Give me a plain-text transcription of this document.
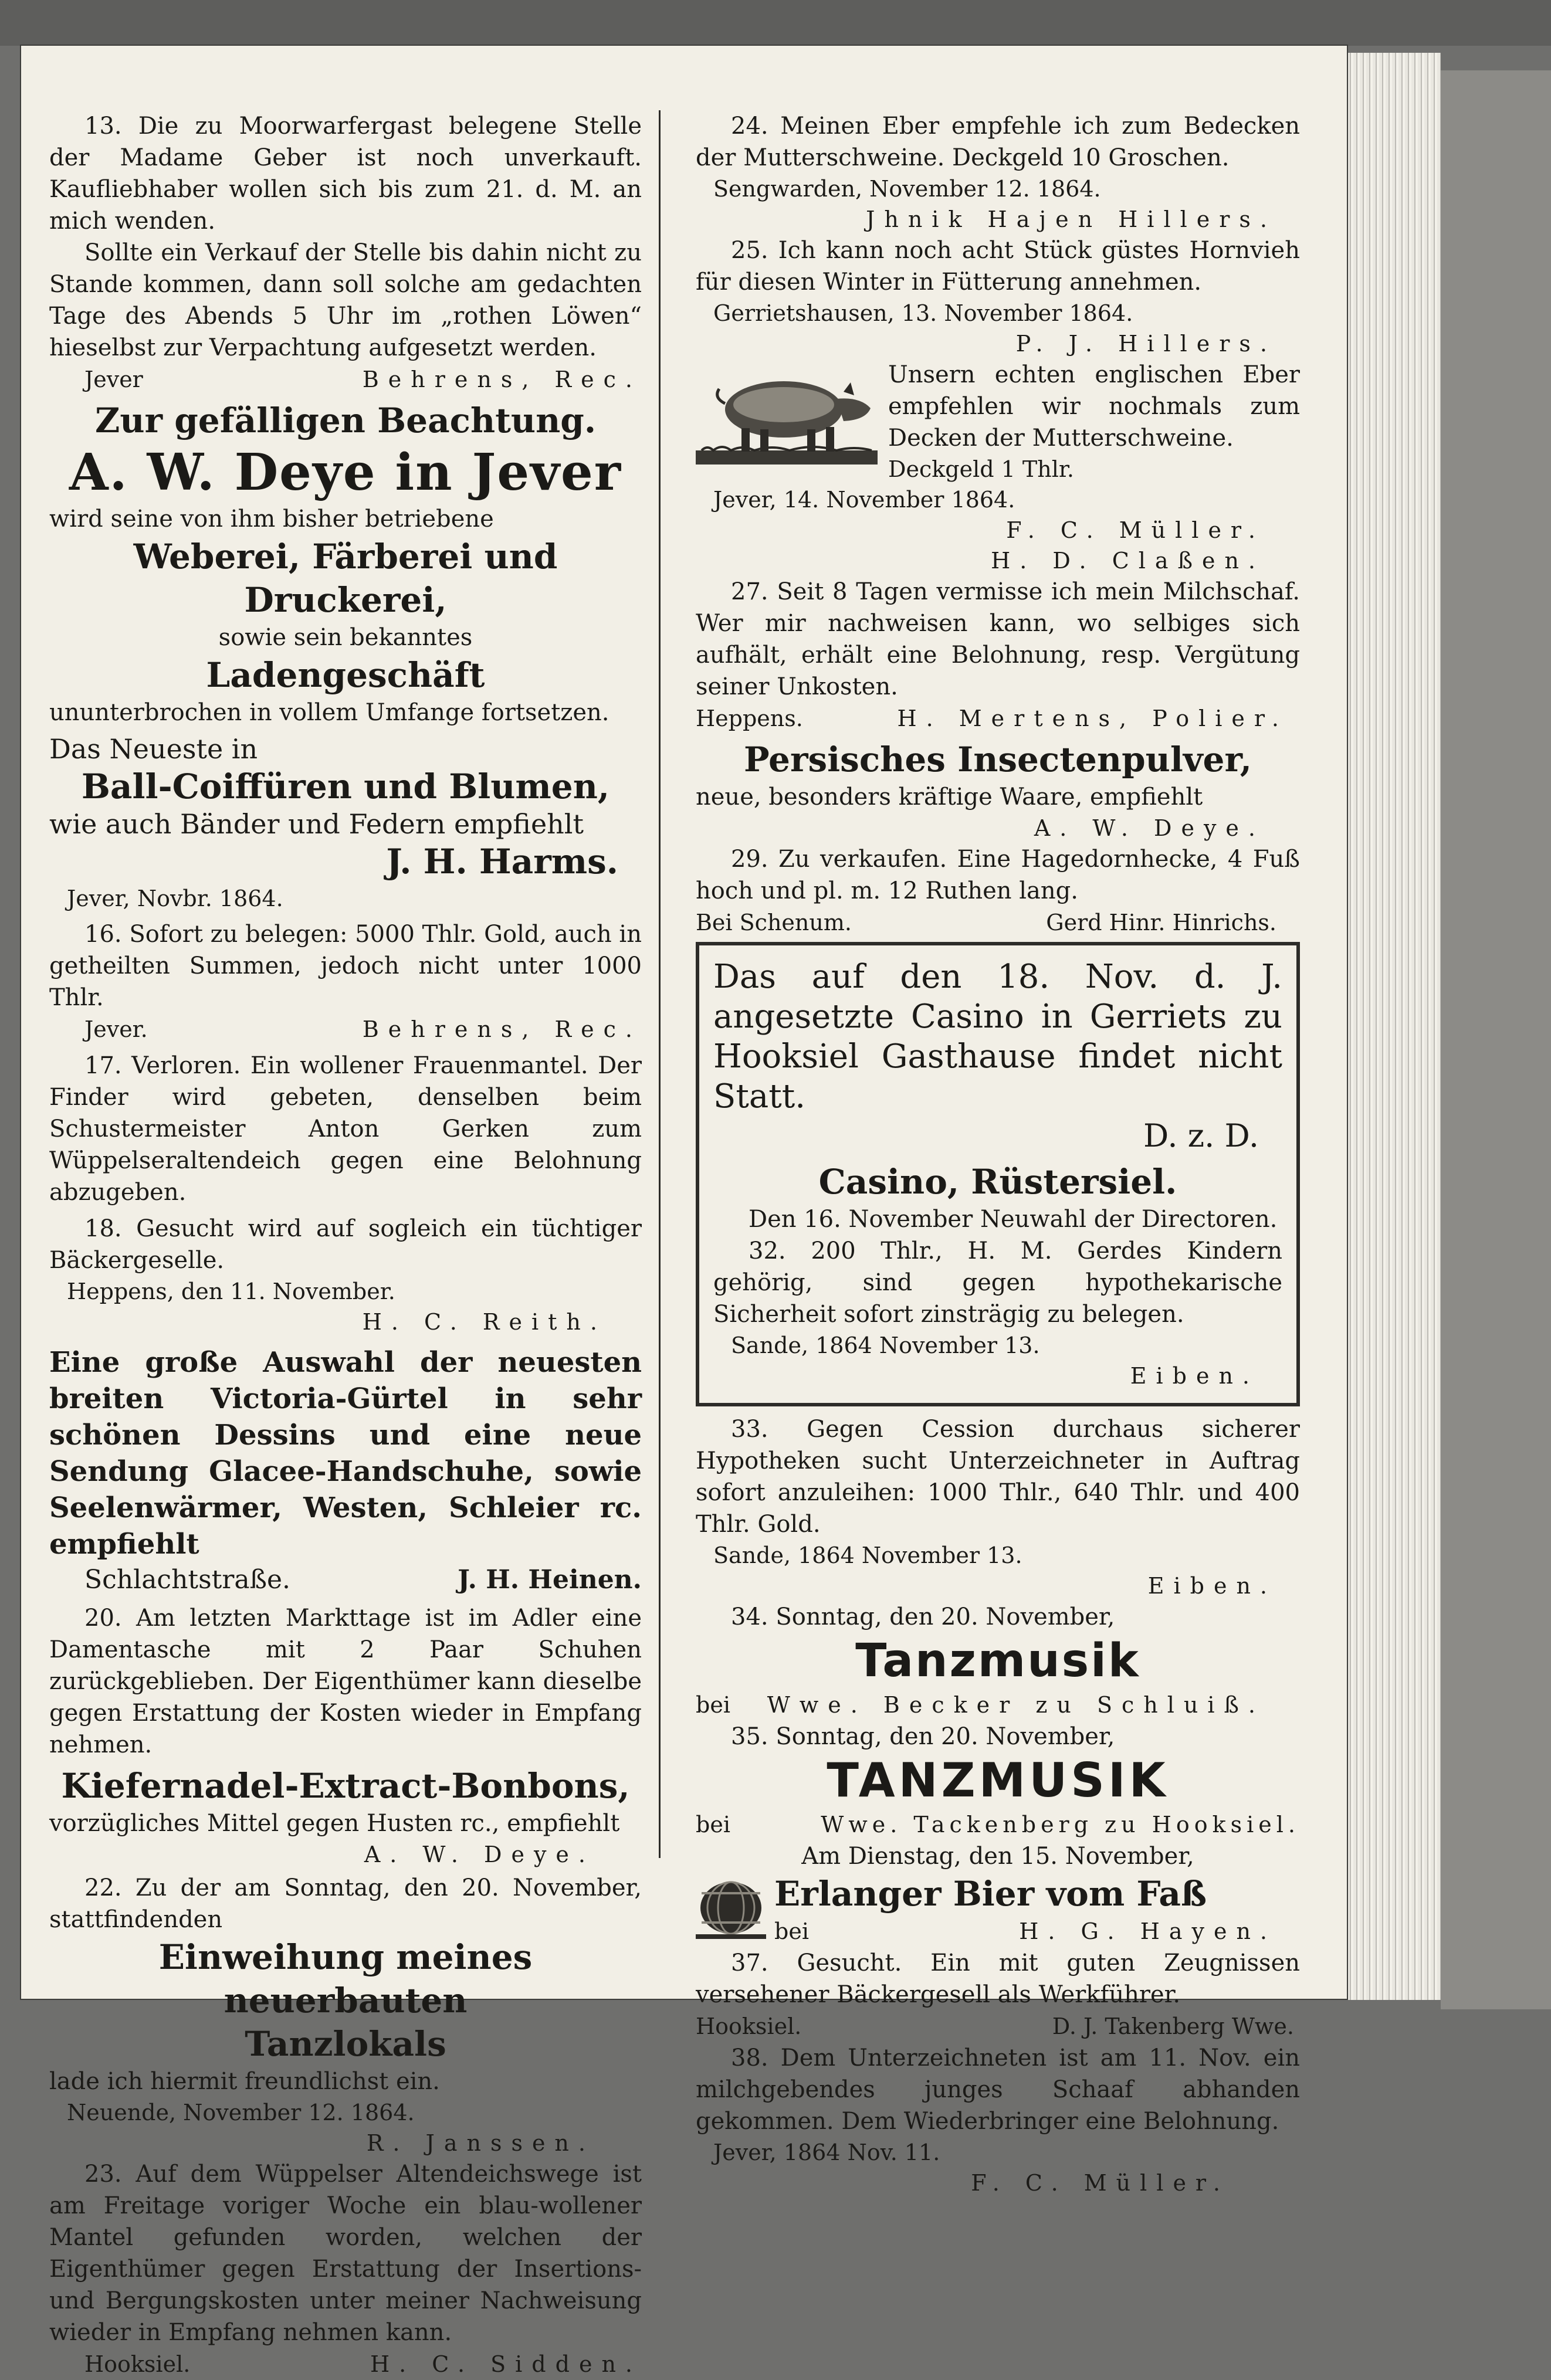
13. Die zu Moorwarfergast belegene Stelle der Madame Geber ist noch unverkauft. Kaufliebhaber wollen sich bis zum 21. d. M. an mich wenden.

Sollte ein Verkauf der Stelle bis dahin nicht zu Stande kommen, dann soll solche am gedachten Tage des Abends 5 Uhr im „rothen Löwen“ hieselbst zur Verpachtung aufgesetzt werden.

Jever	Behrens, Rec.
Zur gefälligen Beachtung.
A. W. Deye in Jever

wird seine von ihm bisher betriebene

Weberei, Färberei und Druckerei,

sowie sein bekanntes

Ladengeschäft

ununterbrochen in vollem Umfange fortsetzen.

Das Neueste in

Ball-Coiffüren und Blumen,

wie auch Bänder und Federn empfiehlt

J. H. Harms.
Jever, Novbr. 1864.

16. Sofort zu belegen: 5000 Thlr. Gold, auch in getheilten Summen, jedoch nicht unter 1000 Thlr.

Jever.	Behrens, Rec.

17. Verloren. Ein wollener Frauenmantel. Der Finder wird gebeten, denselben beim Schustermeister Anton Gerken zum Wüppelseraltendeich gegen eine Belohnung abzugeben.

18. Gesucht wird auf sogleich ein tüchtiger Bäckergeselle.

Heppens, den 11. November.
H. C. Reith.

Eine große Auswahl der neuesten breiten Victoria-Gürtel in sehr schönen Dessins und eine neue Sendung Glacee-Handschuhe, sowie Seelenwärmer, Westen, Schleier rc. empfiehlt

Schlachtstraße.	J. H. Heinen.

20. Am letzten Markttage ist im Adler eine Damentasche mit 2 Paar Schuhen zurückgeblieben. Der Eigenthümer kann dieselbe gegen Erstattung der Kosten wieder in Empfang nehmen.

Kiefernadel-Extract-Bonbons,

vorzügliches Mittel gegen Husten rc., empfiehlt

A. W. Deye.

22. Zu der am Sonntag, den 20. November, stattfindenden

Einweihung meines neuerbauten
Tanzlokals

lade ich hiermit freundlichst ein.

Neuende, November 12. 1864.
R. Janssen.

23. Auf dem Wüppelser Altendeichswege ist am Freitage voriger Woche ein blau-wollener Mantel gefunden worden, welchen der Eigenthümer gegen Erstattung der Insertions- und Bergungskosten unter meiner Nachweisung wieder in Empfang nehmen kann.

Hooksiel.	H. C. Sidden.

24. Meinen Eber empfehle ich zum Bedecken der Mutterschweine. Deckgeld 10 Groschen.

Sengwarden, November 12. 1864.
Jhnik Hajen Hillers.

25. Ich kann noch acht Stück güstes Hornvieh für diesen Winter in Fütterung annehmen.

Gerrietshausen, 13. November 1864.
P. J. Hillers.

Unsern echten englischen Eber empfehlen wir nochmals zum Decken der Mutterschweine.

Deckgeld 1 Thlr.
Jever, 14. November 1864.
F. C. Müller.
H. D. Claßen.

27. Seit 8 Tagen vermisse ich mein Milchschaf. Wer mir nachweisen kann, wo selbiges sich aufhält, erhält eine Belohnung, resp. Vergütung seiner Unkosten.

Heppens.	H. Mertens, Polier.
Persisches Insectenpulver,

neue, besonders kräftige Waare, empfiehlt

A. W. Deye.

29. Zu verkaufen. Eine Hagedornhecke, 4 Fuß hoch und pl. m. 12 Ruthen lang.

Bei Schenum.	Gerd Hinr. Hinrichs.

Das auf den 18. Nov. d. J. angesetzte Casino in Gerriets zu Hooksiel Gasthause findet nicht Statt.

D. z. D.
Casino, Rüstersiel.

Den 16. November Neuwahl der Directoren.

32. 200 Thlr., H. M. Gerdes Kindern gehörig, sind gegen hypothekarische Sicherheit sofort zinsträgig zu belegen.

Sande, 1864 November 13.
Eiben.

33. Gegen Cession durchaus sicherer Hypotheken sucht Unterzeichneter in Auftrag sofort anzuleihen: 1000 Thlr., 640 Thlr. und 400 Thlr. Gold.

Sande, 1864 November 13.
Eiben.

34. Sonntag, den 20. November,

Tanzmusik
bei Wwe. Becker zu Schluiß.

35. Sonntag, den 20. November,

TANZMUSIK
bei	Wwe. Tackenberg zu Hooksiel.
Am Dienstag, den 15. November,
Erlanger Bier vom Faß
bei	H. G. Hayen.

37. Gesucht. Ein mit guten Zeugnissen versehener Bäckergesell als Werkführer.

Hooksiel.	D. J. Takenberg Wwe.

38. Dem Unterzeichneten ist am 11. Nov. ein milchgebendes junges Schaaf abhanden gekommen. Dem Wiederbringer eine Belohnung.

Jever, 1864 Nov. 11.
F. C. Müller.
